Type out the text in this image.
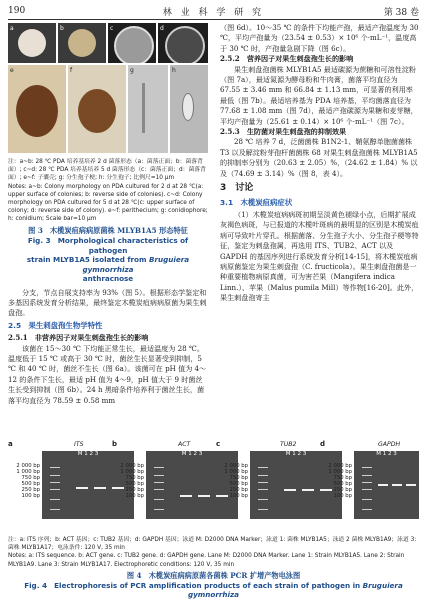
190	林 业 科 学 研 究	第 38 卷
a	b	c	d
e	f	g	h
注：a~b: 28 ℃ PDA 培养基培养 2 d 菌落形态（a：菌落正面；b：菌落背面）; c~d: 28 ℃ PDA 培养基培养 5 d 菌落形态（c：菌落正面；d：菌落背面）; e~f: 子囊壳; g: 分生孢子梗; h: 分生孢子; 比例尺=10 μm
Notes: a~b: Colony morphology on PDA cultured for 2 d at 28 ℃(a: upper surface of colonies; b: reverse side of colonies). c~d: Colony morphology on PDA cultured for 5 d at 28 ℃(c: upper surface of colony; d: reverse side of colony). e~f: perithecium; g: conidiophore; h: conidium; Scale bar=10 μm
图 3　木榄炭疽病病原菌株 MLYB1A5 形态特征
Fig. 3　Morphological characteristics of pathogen
strain MLYB1A5 isolated from Bruguiera gymnorrhiza
anthracnose

分支，节点自展支持率为 93%（图 5）。根据形态学鉴定和多基因系统发育分析结果，最终鉴定木榄炭疽病病原菌为果生刺盘孢。

2.5　果生刺盘孢生物学特性
2.5.1　非营养因子对果生刺盘孢生长的影响

该菌在 15～30 ℃ 下均能正常生长，最适温度为 28 ℃。温度低于 15 ℃ 或高于 30 ℃ 时，菌丝生长显著受到抑制，5 ℃ 和 40 ℃ 时，菌丝不生长（图 6a）。该菌可在 pH 值为 4～12 的条件下生长，最适 pH 值为 4～9，pH 值大于 9 时菌丝生长受到抑制（图 6b）。24 h 黑暗条件培养利于菌丝生长，菌落平均直径为 78.59 ± 0.58 mm

（图 6d）。10～35 ℃ 的条件下均能产孢，最适产孢温度为 30 ℃，平均产孢量为（23.54 ± 0.53）× 10⁶ 个·mL⁻¹，温度高于 30 ℃ 时，产孢量急剧下降（图 6c）。

2.5.2　营养因子对果生刺盘孢生长的影响

果生刺盘孢菌株 MLYB1A5 最适碳源为蔗糖和可溶性淀粉（图 7a），最适氮源为酵母粉和牛肉膏，菌落平均直径为 67.55 ± 3.46 mm 和 66.84 ± 1.13 mm，可显著的利用率最低（图 7b）。最适培养基为 PDA 培养基，平均菌落直径为 77.68 ± 1.08 mm（图 7d），最适产孢碳源为果糖和麦芽糖，平均产孢量为（25.61 ± 0.14）× 10⁶ 个·mL⁻¹（图 7c）。

2.5.3　生防菌对果生刺盘孢的抑制效果

28 ℃ 培养 7 d，泛菌菌株 B1N2-1、鞘氨醇单胞菌菌株 T3 以及解淀粉芽孢杆菌菌株 68 对果生刺盘孢菌株 MLYB1A5 的抑制率分别为（20.63 ± 2.05）%，（24.62 ± 1.84）% 以及（74.69 ± 3.14）%（图 8，表 4）。

3　讨论
3.1　木榄炭疽病症状

（1）木榄炭疽病病斑初期呈淡黄色褪绿小点，后期扩展成灰褐色病斑，与已报道的木榄叶斑病的最明显的区别是木榄炭疽病可导致叶片穿孔。根据菌落、分生孢子大小、分生孢子梗等特征，鉴定为刺盘孢属，再选用 ITS、TUB2、ACT 以及 GAPDH 的基因序列进行系统发育分析[14-15]，将木榄炭疽病病原菌鉴定为果生刺盘孢（C. fructicola）。果生刺盘孢菌是一种重要植物病原真菌，可为害芒果（Mangifera indica Linn.）、苹果（Malus pumila Mill）等作物[16-20]。此外，果生刺盘孢寄主

a	ITS
2 000 bp
1 000 bp
750 bp
500 bp
250 bp
100 bp
M 1 2 3
b	ACT
2 000 bp
1 000 bp
750 bp
500 bp
250 bp
100 bp
M 1 2 3
c	TUB2
2 000 bp
1 000 bp
750 bp
500 bp
250 bp
100 bp
M 1 2 3
d	GAPDH
2 000 bp
1 000 bp
750 bp
500 bp
250 bp
100 bp
M 1 2 3
注：a: ITS 序列；b: ACT 基因；c: TUB2 基因；d: GAPDH 基因；泳道 M: D2000 DNA Marker；泳道 1: 菌株 MLYB1A5；泳道 2 菌株 MLYB1A9；泳道 3: 菌株 MLYB1A17；电泳条件: 120 V, 35 min
Notes: a: ITS sequence. b: ACT gene. c: TUB2 gene. d: GAPDH gene. Lane M: D2000 DNA Marker. Lane 1: Strain MLYB1A5. Lane 2: Strain MLYB1A9. Lane 3: Strain MLYB1A17. Electrophoretic conditions: 120 V, 35 min
图 4　木榄炭疽病病原菌各菌株 PCR 扩增产物电泳图
Fig. 4　Electrophoresis of PCR amplification products of each strain of pathogen in Bruguiera gymnorrhiza
